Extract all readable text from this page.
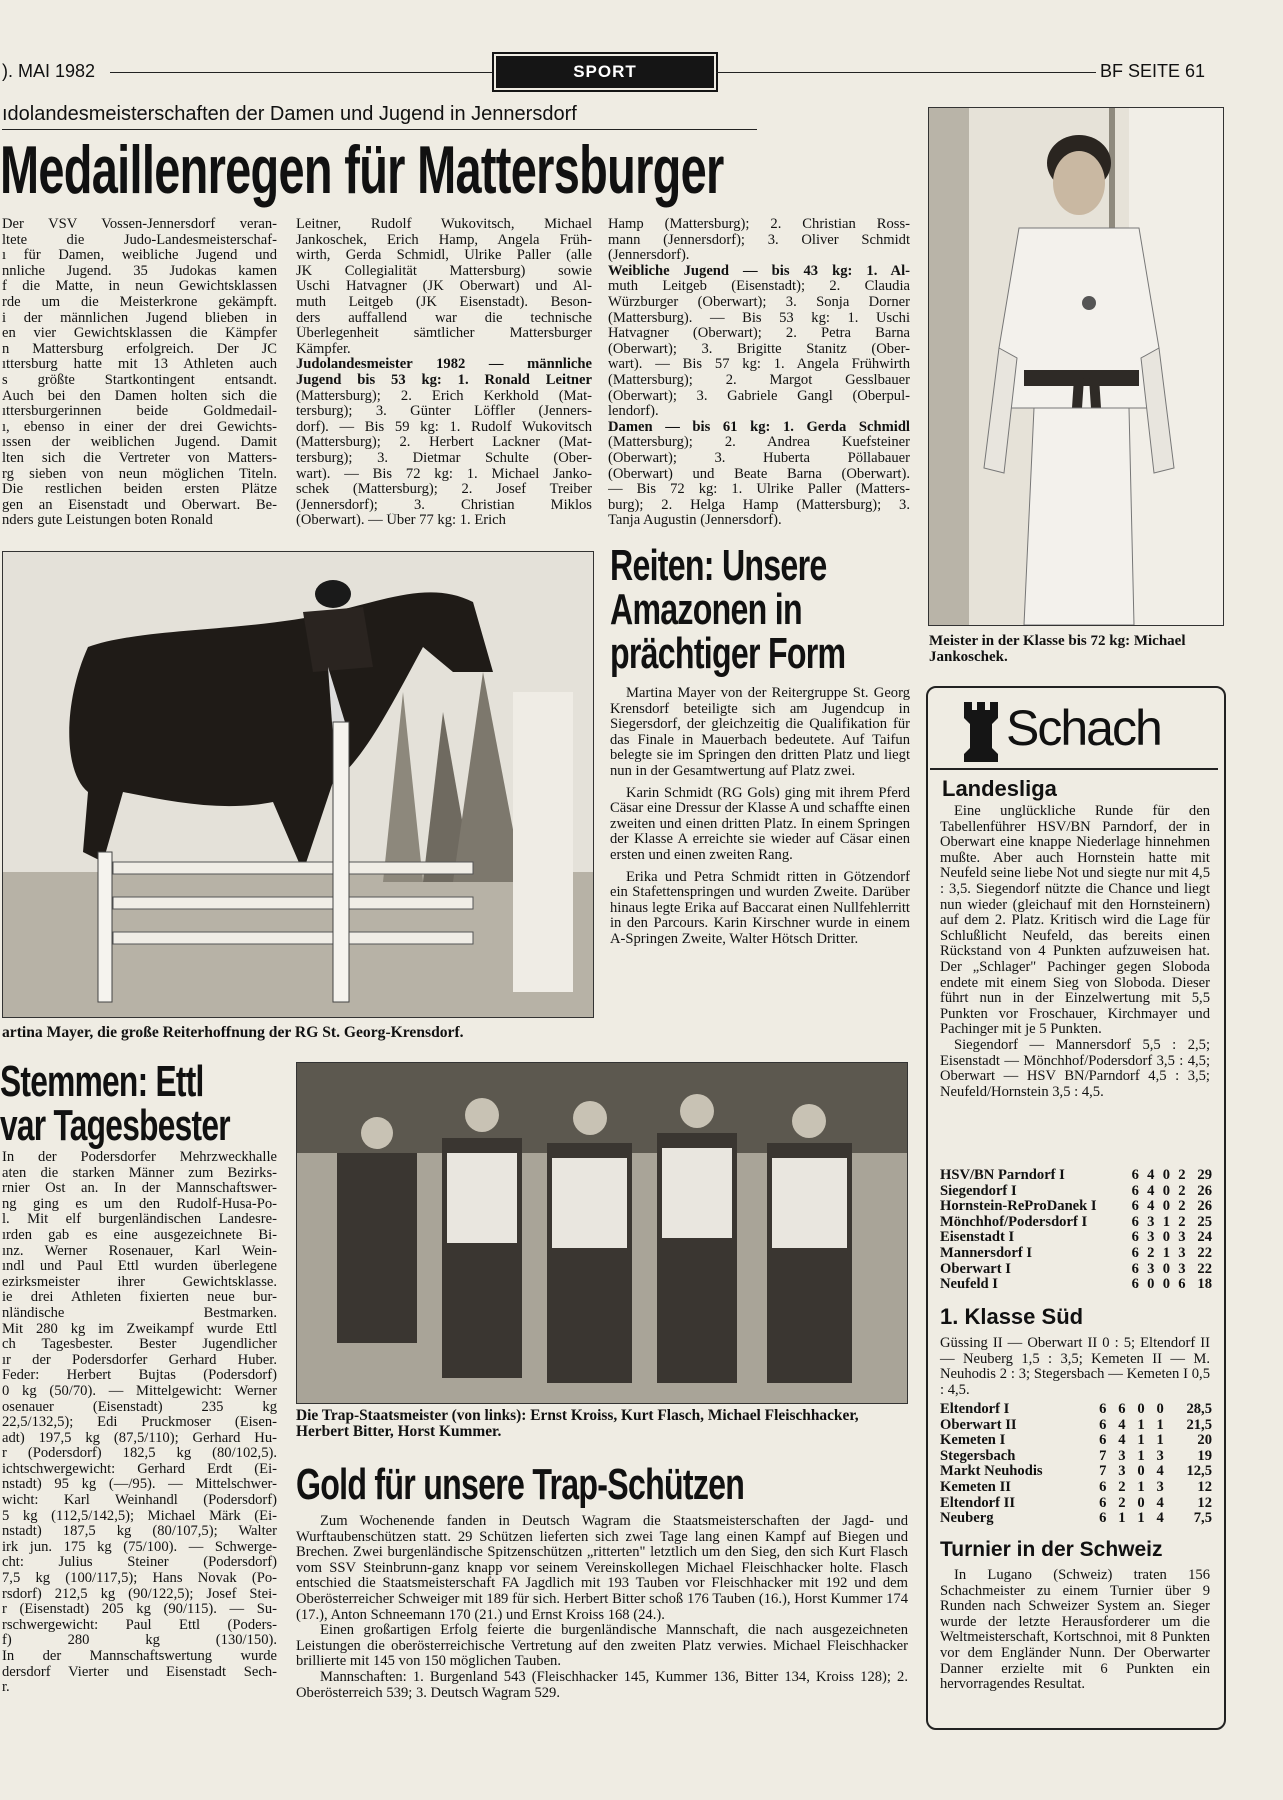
). MAI 1982	SPORT	BF SEITE 61
ıdolandesmeisterschaften der Damen und Jugend in Jennersdorf
Medaillenregen für Mattersburger
Der VSV Vossen-Jennersdorf veran-
ltete die Judo-Landesmeisterschaf-
ı für Damen, weibliche Jugend und
nnliche Jugend. 35 Judokas kamen
f die Matte, in neun Gewichtsklassen
rde um die Meisterkrone gekämpft.
i der männlichen Jugend blieben in
en vier Gewichtsklassen die Kämpfer
n Mattersburg erfolgreich. Der JC
ıttersburg hatte mit 13 Athleten auch
s größte Startkontingent entsandt.
Auch bei den Damen holten sich die
ıttersburgerinnen beide Goldmedail-
ı, ebenso in einer der drei Gewichts-
ıssen der weiblichen Jugend. Damit
lten sich die Vertreter von Matters-
rg sieben von neun möglichen Titeln.
Die restlichen beiden ersten Plätze
gen an Eisenstadt und Oberwart. Be-
nders gute Leistungen boten Ronald
Leitner, Rudolf Wukovitsch, Michael
Jankoschek, Erich Hamp, Angela Früh-
wirth, Gerda Schmidl, Ulrike Paller (alle
JK Collegialität Mattersburg) sowie
Uschi Hatvagner (JK Oberwart) und Al-
muth Leitgeb (JK Eisenstadt). Beson-
ders auffallend war die technische
Überlegenheit sämtlicher Mattersburger
Kämpfer.
Judolandesmeister 1982 — männliche
Jugend bis 53 kg: 1. Ronald Leitner
(Mattersburg); 2. Erich Kerkhold (Mat-
tersburg); 3. Günter Löffler (Jenners-
dorf). — Bis 59 kg: 1. Rudolf Wukovitsch
(Mattersburg); 2. Herbert Lackner (Mat-
tersburg); 3. Dietmar Schulte (Ober-
wart). — Bis 72 kg: 1. Michael Janko-
schek (Mattersburg); 2. Josef Treiber
(Jennersdorf); 3. Christian Miklos
(Oberwart). — Über 77 kg: 1. Erich
Hamp (Mattersburg); 2. Christian Ross-
mann (Jennersdorf); 3. Oliver Schmidt
(Jennersdorf).
Weibliche Jugend — bis 43 kg: 1. Al-
muth Leitgeb (Eisenstadt); 2. Claudia
Würzburger (Oberwart); 3. Sonja Dorner
(Mattersburg). — Bis 53 kg: 1. Uschi
Hatvagner (Oberwart); 2. Petra Barna
(Oberwart); 3. Brigitte Stanitz (Ober-
wart). — Bis 57 kg: 1. Angela Frühwirth
(Mattersburg); 2. Margot Gesslbauer
(Oberwart); 3. Gabriele Gangl (Oberpul-
lendorf).
Damen — bis 61 kg: 1. Gerda Schmidl
(Mattersburg); 2. Andrea Kuefsteiner
(Oberwart); 3. Huberta Pöllabauer
(Oberwart) und Beate Barna (Oberwart).
— Bis 72 kg: 1. Ulrike Paller (Matters-
burg); 2. Helga Hamp (Mattersburg); 3.
Tanja Augustin (Jennersdorf).
Meister in der Klasse bis 72 kg: Michael Jankoschek.
artina Mayer, die große Reiterhoffnung der RG St. Georg-Krensdorf.
Reiten: Unsere
Amazonen in
prächtiger Form

Martina Mayer von der Reitergruppe St. Georg Krensdorf beteiligte sich am Jugendcup in Siegersdorf, der gleichzeitig die Qualifikation für das Finale in Mauerbach bedeutete. Auf Taifun belegte sie im Springen den dritten Platz und liegt nun in der Gesamtwertung auf Platz zwei.

Karin Schmidt (RG Gols) ging mit ihrem Pferd Cäsar eine Dressur der Klasse A und schaffte einen zweiten und einen dritten Platz. In einem Springen der Klasse A erreichte sie wieder auf Cäsar einen ersten und einen zweiten Rang.

Erika und Petra Schmidt ritten in Götzendorf ein Stafettenspringen und wurden Zweite. Darüber hinaus legte Erika auf Baccarat einen Nullfehlerritt in den Parcours. Karin Kirschner wurde in einem A-Springen Zweite, Walter Hötsch Dritter.

Stemmen: Ettl
var Tagesbester
In der Podersdorfer Mehrzweckhalle
aten die starken Männer zum Bezirks-
rnier Ost an. In der Mannschaftswer-
ng ging es um den Rudolf-Husa-Po-
l. Mit elf burgenländischen Landesre-
ırden gab es eine ausgezeichnete Bi-
ınz. Werner Rosenauer, Karl Wein-
ındl und Paul Ettl wurden überlegene
ezirksmeister ihrer Gewichtsklasse.
ie drei Athleten fixierten neue bur-
nländische Bestmarken.
Mit 280 kg im Zweikampf wurde Ettl
ch Tagesbester. Bester Jugendlicher
ır der Podersdorfer Gerhard Huber.
Feder: Herbert Bujtas (Podersdorf)
0 kg (50/70). — Mittelgewicht: Werner
osenauer (Eisenstadt) 235 kg
22,5/132,5); Edi Pruckmoser (Eisen-
adt) 197,5 kg (87,5/110); Gerhard Hu-
r (Podersdorf) 182,5 kg (80/102,5).
ichtschwergewicht: Gerhard Erdt (Ei-
nstadt) 95 kg (—/95). — Mittelschwer-
wicht: Karl Weinhandl (Podersdorf)
5 kg (112,5/142,5); Michael Märk (Ei-
nstadt) 187,5 kg (80/107,5); Walter
irk jun. 175 kg (75/100). — Schwerge-
cht: Julius Steiner (Podersdorf)
7,5 kg (100/117,5); Hans Novak (Po-
rsdorf) 212,5 kg (90/122,5); Josef Stei-
r (Eisenstadt) 205 kg (90/115). — Su-
rschwergewicht: Paul Ettl (Poders-
f) 280 kg (130/150).
In der Mannschaftswertung wurde
dersdorf Vierter und Eisenstadt Sech-
r.
Die Trap-Staatsmeister (von links): Ernst Kroiss, Kurt Flasch, Michael Fleischhacker, Herbert Bitter, Horst Kummer.
Gold für unsere Trap-Schützen

Zum Wochenende fanden in Deutsch Wagram die Staatsmeisterschaften der Jagd- und Wurftaubenschützen statt. 29 Schützen lieferten sich zwei Tage lang einen Kampf auf Biegen und Brechen. Zwei burgenländische Spitzenschützen „ritterten" letztlich um den Sieg, den sich Kurt Flasch vom SSV Steinbrunn-ganz knapp vor seinem Vereinskollegen Michael Fleischhacker holte. Flasch entschied die Staatsmeisterschaft FA Jagdlich mit 193 Tauben vor Fleischhacker mit 192 und dem Oberösterreicher Schweiger mit 189 für sich. Herbert Bitter schoß 176 Tauben (16.), Horst Kummer 174 (17.), Anton Schneemann 170 (21.) und Ernst Kroiss 168 (24.).

Einen großartigen Erfolg feierte die burgenländische Mannschaft, die nach ausgezeichneten Leistungen die oberösterreichische Vertretung auf den zweiten Platz verwies. Michael Fleischhacker brillierte mit 145 von 150 möglichen Tauben.

Mannschaften: 1. Burgenland 543 (Fleischhacker 145, Kummer 136, Bitter 134, Kroiss 128); 2. Oberösterreich 539; 3. Deutsch Wagram 529.

Schach
Landesliga

Eine unglückliche Runde für den Tabellenführer HSV/BN Parndorf, der in Oberwart eine knappe Niederlage hinnehmen mußte. Aber auch Hornstein hatte mit Neufeld seine liebe Not und siegte nur mit 4,5 : 3,5. Siegendorf nützte die Chance und liegt nun wieder (gleichauf mit den Hornsteinern) auf dem 2. Platz. Kritisch wird die Lage für Schlußlicht Neufeld, das bereits einen Rückstand von 4 Punkten aufzuweisen hat. Der „Schlager" Pachinger gegen Sloboda endete mit einem Sieg von Sloboda. Dieser führt nun in der Einzelwertung mit 5,5 Punkten vor Froschauer, Kirchmayer und Pachinger mit je 5 Punkten.

Siegendorf — Mannersdorf 5,5 : 2,5; Eisenstadt — Mönchhof/Podersdorf 3,5 : 4,5; Oberwart — HSV BN/Parndorf 4,5 : 3,5; Neufeld/Hornstein 3,5 : 4,5.

HSV/BN Parndorf I	6	4	0	2	29
Siegendorf I	6	4	0	2	26
Hornstein-ReProDanek I	6	4	0	2	26
Mönchhof/Podersdorf I	6	3	1	2	25
Eisenstadt I	6	3	0	3	24
Mannersdorf I	6	2	1	3	22
Oberwart I	6	3	0	3	22
Neufeld I	6	0	0	6	18
1. Klasse Süd
Güssing II — Oberwart II 0 : 5; Eltendorf II — Neuberg 1,5 : 3,5; Kemeten II — M. Neuhodis 2 : 3; Stegersbach — Kemeten I 0,5 : 4,5.
Eltendorf I	6	6	0	0	28,5
Oberwart II	6	4	1	1	21,5
Kemeten I	6	4	1	1	20
Stegersbach	7	3	1	3	19
Markt Neuhodis	7	3	0	4	12,5
Kemeten II	6	2	1	3	12
Eltendorf II	6	2	0	4	12
Neuberg	6	1	1	4	7,5
Turnier in der Schweiz
In Lugano (Schweiz) traten 156 Schachmeister zu einem Turnier über 9 Runden nach Schweizer System an. Sieger wurde der letzte Herausforderer um die Weltmeisterschaft, Kortschnoi, mit 8 Punkten vor dem Engländer Nunn. Der Oberwarter Danner erzielte mit 6 Punkten ein hervorragendes Resultat.
